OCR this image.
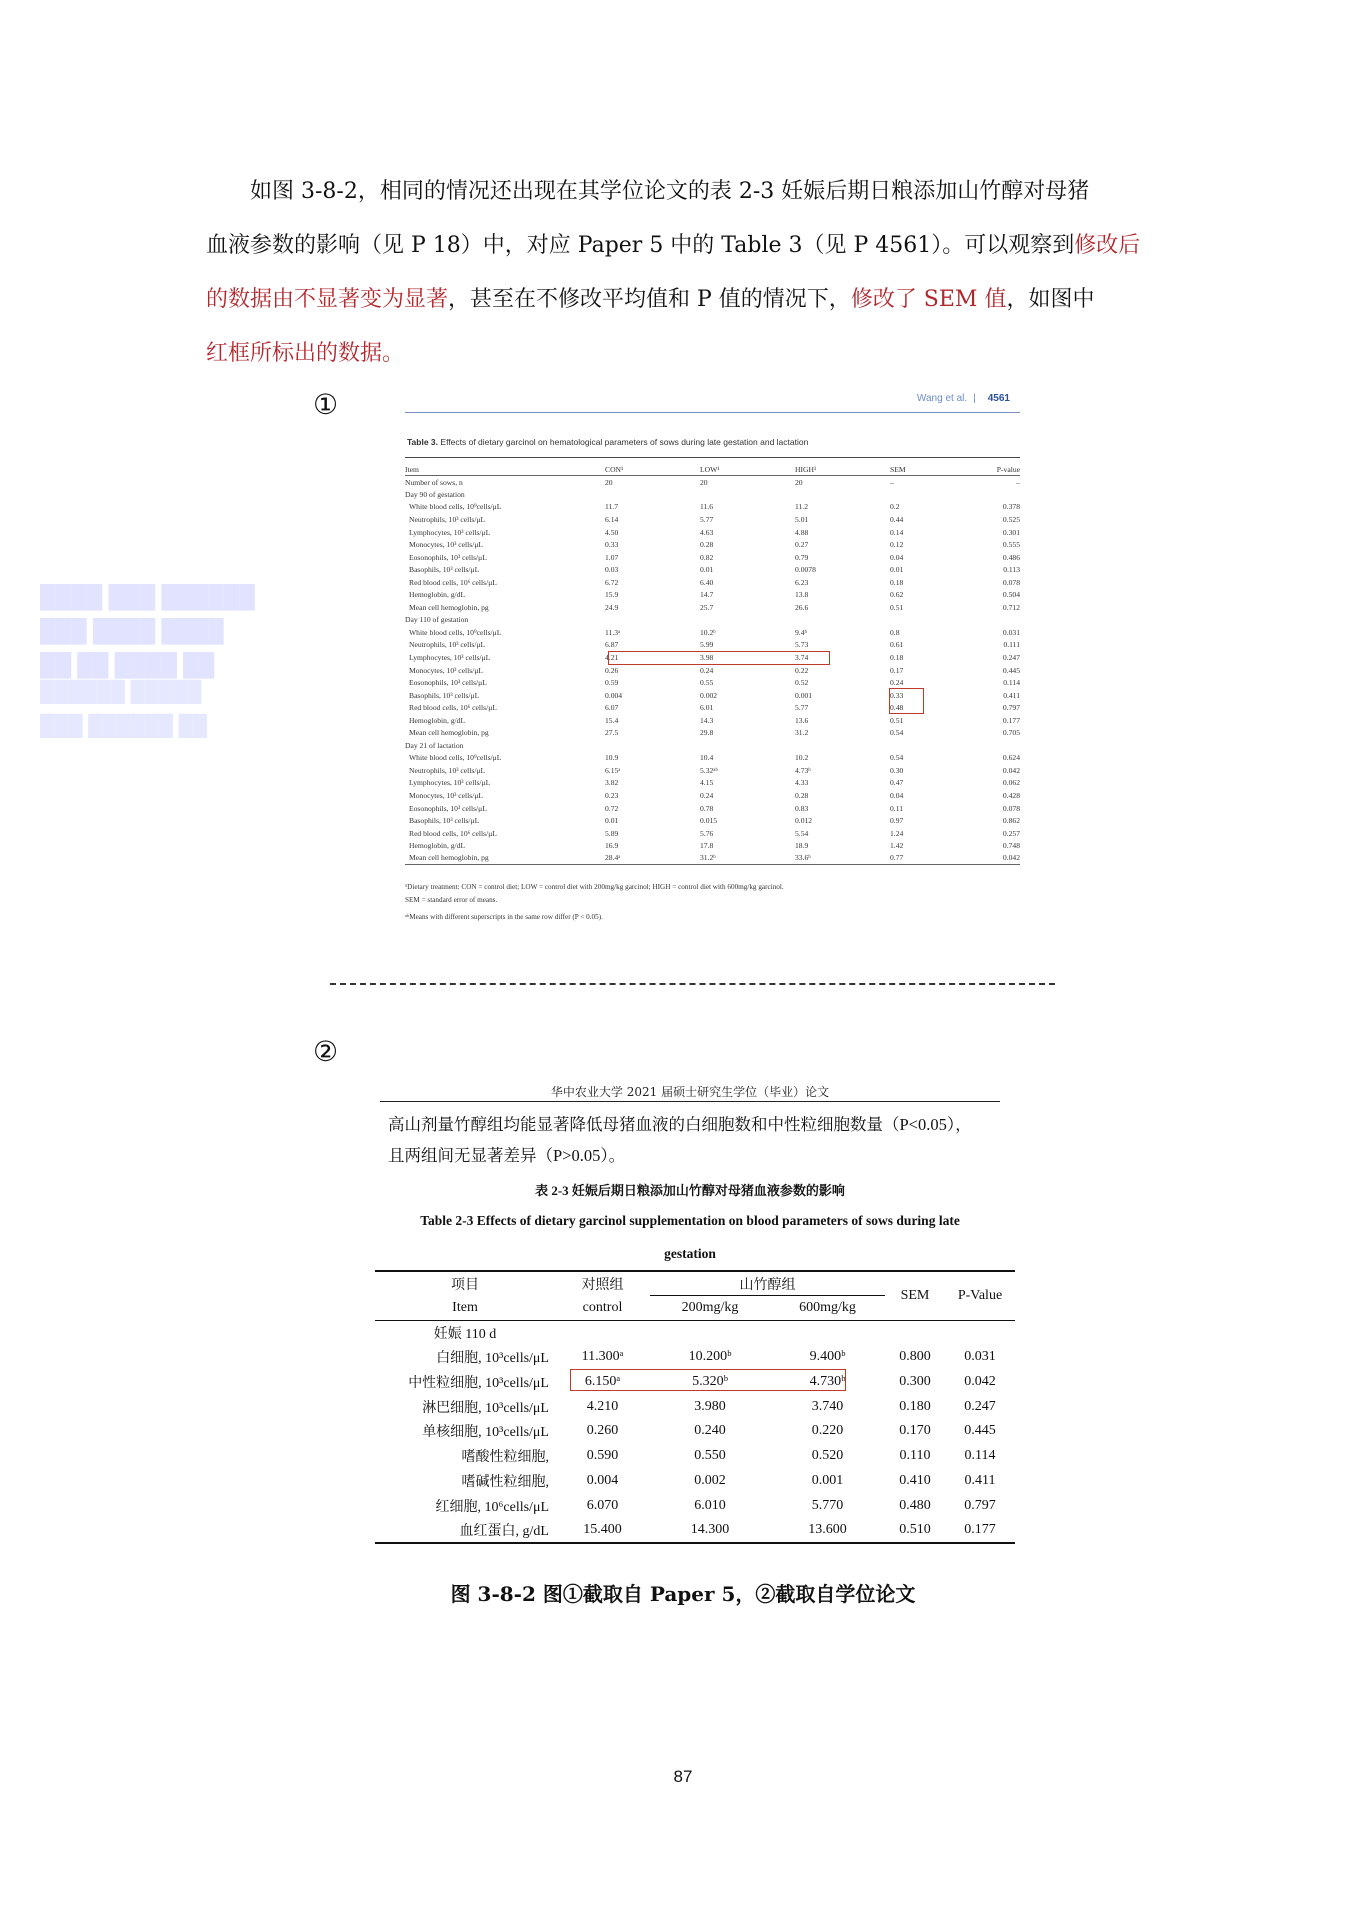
████ ███ ██████
███ ████ ████
██ ██ ████ ██
██████ █████
███ ██████ ██
如图 3-8-2，相同的情况还出现在其学位论文的表 2-3 妊娠后期日粮添加山竹醇对母猪
血液参数的影响（见 P 18）中，对应 Paper 5 中的 Table 3（见 P 4561）。可以观察到修改后
的数据由不显著变为显著，甚至在不修改平均值和 P 值的情况下，修改了 SEM 值，如图中
红框所标出的数据。
①	Wang et al. | 4561
Table 3. Effects of dietary garcinol on hematological parameters of sows during late gestation and lactation
Item	CON¹	LOW¹	HIGH¹	SEM	P-value
Number of sows, n	20	20	20	–	–
Day 90 of gestation					
White blood cells, 10⁹cells/μL	11.7	11.6	11.2	0.2	0.378
Neutrophils, 10³ cells/μL	6.14	5.77	5.01	0.44	0.525
Lymphocytes, 10³ cells/μL	4.50	4.63	4.88	0.14	0.301
Monocytes, 10³ cells/μL	0.33	0.28	0.27	0.12	0.555
Eosonophils, 10³ cells/μL	1.07	0.82	0.79	0.04	0.486
Basophils, 10³ cells/μL	0.03	0.01	0.0078	0.01	0.113
Red blood cells, 10⁶ cells/μL	6.72	6.40	6.23	0.18	0.078
Hemoglobin, g/dL	15.9	14.7	13.8	0.62	0.504
Mean cell hemoglobin, pg	24.9	25.7	26.6	0.51	0.712
Day 110 of gestation					
White blood cells, 10⁹cells/μL	11.3ᵃ	10.2ᵇ	9.4ᵇ	0.8	0.031
Neutrophils, 10³ cells/μL	6.87	5.99	5.73	0.61	0.111
Lymphocytes, 10³ cells/μL	4.21	3.98	3.74	0.18	0.247
Monocytes, 10³ cells/μL	0.26	0.24	0.22	0.17	0.445
Eosonophils, 10³ cells/μL	0.59	0.55	0.52	0.24	0.114
Basophils, 10³ cells/μL	0.004	0.002	0.001	0.33	0.411
Red blood cells, 10⁶ cells/μL	6.07	6.01	5.77	0.48	0.797
Hemoglobin, g/dL	15.4	14.3	13.6	0.51	0.177
Mean cell hemoglobin, pg	27.5	29.8	31.2	0.54	0.705
Day 21 of lactation					
White blood cells, 10⁹cells/μL	10.9	10.4	10.2	0.54	0.624
Neutrophils, 10³ cells/μL	6.15ᵃ	5.32ᵃᵇ	4.73ᵇ	0.30	0.042
Lymphocytes, 10³ cells/μL	3.82	4.15	4.33	0.47	0.062
Monocytes, 10³ cells/μL	0.23	0.24	0.28	0.04	0.428
Eosonophils, 10³ cells/μL	0.72	0.78	0.83	0.11	0.078
Basophils, 10³ cells/μL	0.01	0.015	0.012	0.97	0.862
Red blood cells, 10⁶ cells/μL	5.89	5.76	5.54	1.24	0.257
Hemoglobin, g/dL	16.9	17.8	18.9	1.42	0.748
Mean cell hemoglobin, pg	28.4ᵃ	31.2ᵇ	33.6ᵇ	0.77	0.042
¹Dietary treatment: CON = control diet; LOW = control diet with 200mg/kg garcinol; HIGH = control diet with 600mg/kg garcinol.
SEM = standard error of means.
ᵃᵇMeans with different superscripts in the same row differ (P < 0.05).
②
华中农业大学 2021 届硕士研究生学位（毕业）论文
高山剂量竹醇组均能显著降低母猪血液的白细胞数和中性粒细胞数量（P<0.05），
且两组间无显著差异（P>0.05）。
表 2-3 妊娠后期日粮添加山竹醇对母猪血液参数的影响
Table 2-3 Effects of dietary garcinol supplementation on blood parameters of sows during late
gestation
项目	对照组	山竹醇组		SEM	P-Value
Item	control	200mg/kg	600mg/kg		
妊娠 110 d					
白细胞, 10³cells/μL	11.300ᵃ	10.200ᵇ	9.400ᵇ	0.800	0.031
中性粒细胞, 10³cells/μL	6.150ᵃ	5.320ᵇ	4.730ᵇ	0.300	0.042
淋巴细胞, 10³cells/μL	4.210	3.980	3.740	0.180	0.247
单核细胞, 10³cells/μL	0.260	0.240	0.220	0.170	0.445
嗜酸性粒细胞,	0.590	0.550	0.520	0.110	0.114
嗜碱性粒细胞,	0.004	0.002	0.001	0.410	0.411
红细胞, 10⁶cells/μL	6.070	6.010	5.770	0.480	0.797
血红蛋白, g/dL	15.400	14.300	13.600	0.510	0.177
图 3-8-2 图①截取自 Paper 5，②截取自学位论文
87
